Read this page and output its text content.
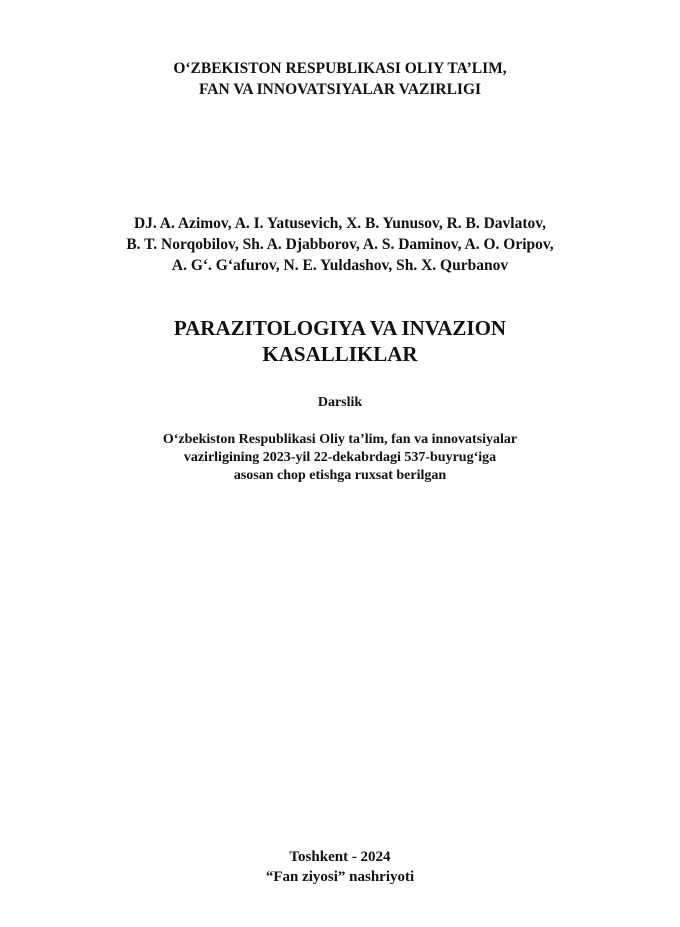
O‘ZBEKISTON RESPUBLIKASI OLIY TA’LIM,
FAN VA INNOVATSIYALAR VAZIRLIGI
DJ. A. Azimov, A. I. Yatusevich, X. B. Yunusov, R. B. Davlatov,
B. T. Norqobilov, Sh. A. Djabborov, A. S. Daminov, A. O. Oripov,
A. G‘. G‘afurov, N. E. Yuldashov, Sh. X. Qurbanov
PARAZITOLOGIYA VA INVAZION
KASALLIKLAR
Darslik
O‘zbekiston Respublikasi Oliy ta’lim, fan va innovatsiyalar
vazirligining 2023-yil 22-dekabrdagi 537-buyrug‘iga
asosan chop etishga ruxsat berilgan
Toshkent - 2024
“Fan ziyosi” nashriyoti
